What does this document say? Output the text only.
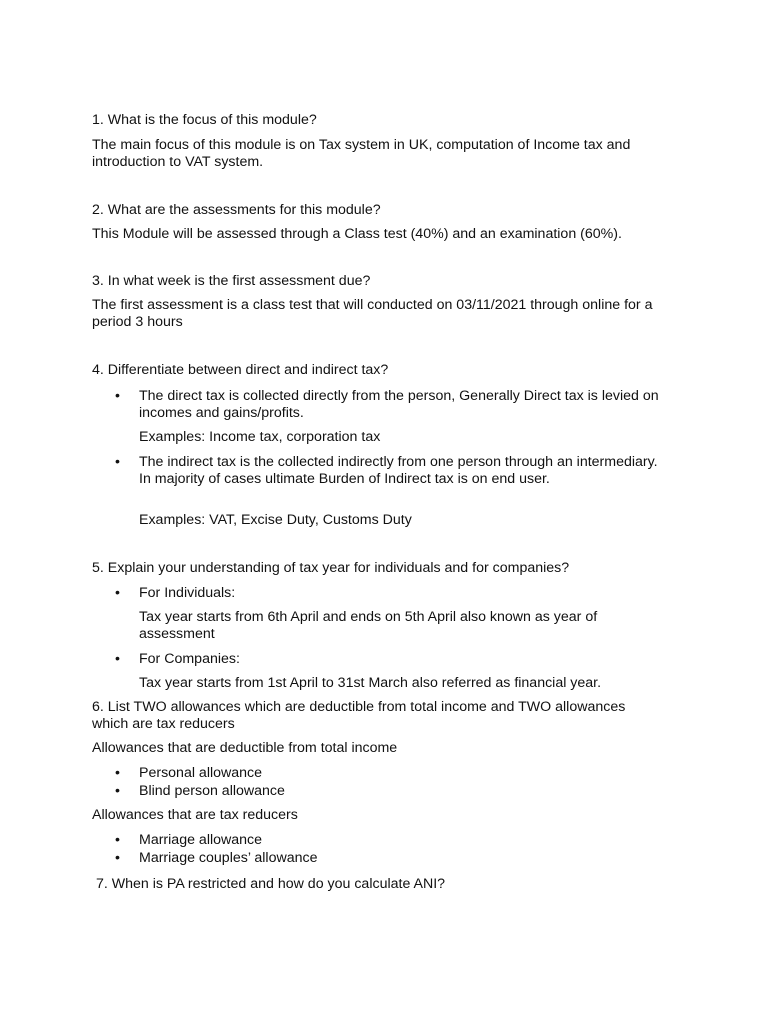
1. What is the focus of this module?
The main focus of this module is on Tax system in UK, computation of Income tax and introduction to VAT system.
2. What are the assessments for this module?
This Module will be assessed through a Class test (40%) and an examination (60%).
3. In what week is the first assessment due?
The first assessment is a class test that will conducted on 03/11/2021 through online for a period 3 hours
4. Differentiate between direct and indirect tax?
•	The direct tax is collected directly from the person, Generally Direct tax is levied on incomes and gains/profits.
Examples: Income tax, corporation tax
•	The indirect tax is the collected indirectly from one person through an intermediary. In majority of cases ultimate Burden of Indirect tax is on end user.
Examples: VAT, Excise Duty, Customs Duty
5. Explain your understanding of tax year for individuals and for companies?
•	For Individuals:
Tax year starts from 6th April and ends on 5th April also known as year of assessment
•	For Companies:
Tax year starts from 1st April to 31st March also referred as financial year.
6. List TWO allowances which are deductible from total income and TWO allowances which are tax reducers
Allowances that are deductible from total income
•	Personal allowance
•	Blind person allowance
Allowances that are tax reducers
•	Marriage allowance
•	Marriage couples’ allowance
7. When is PA restricted and how do you calculate ANI?
